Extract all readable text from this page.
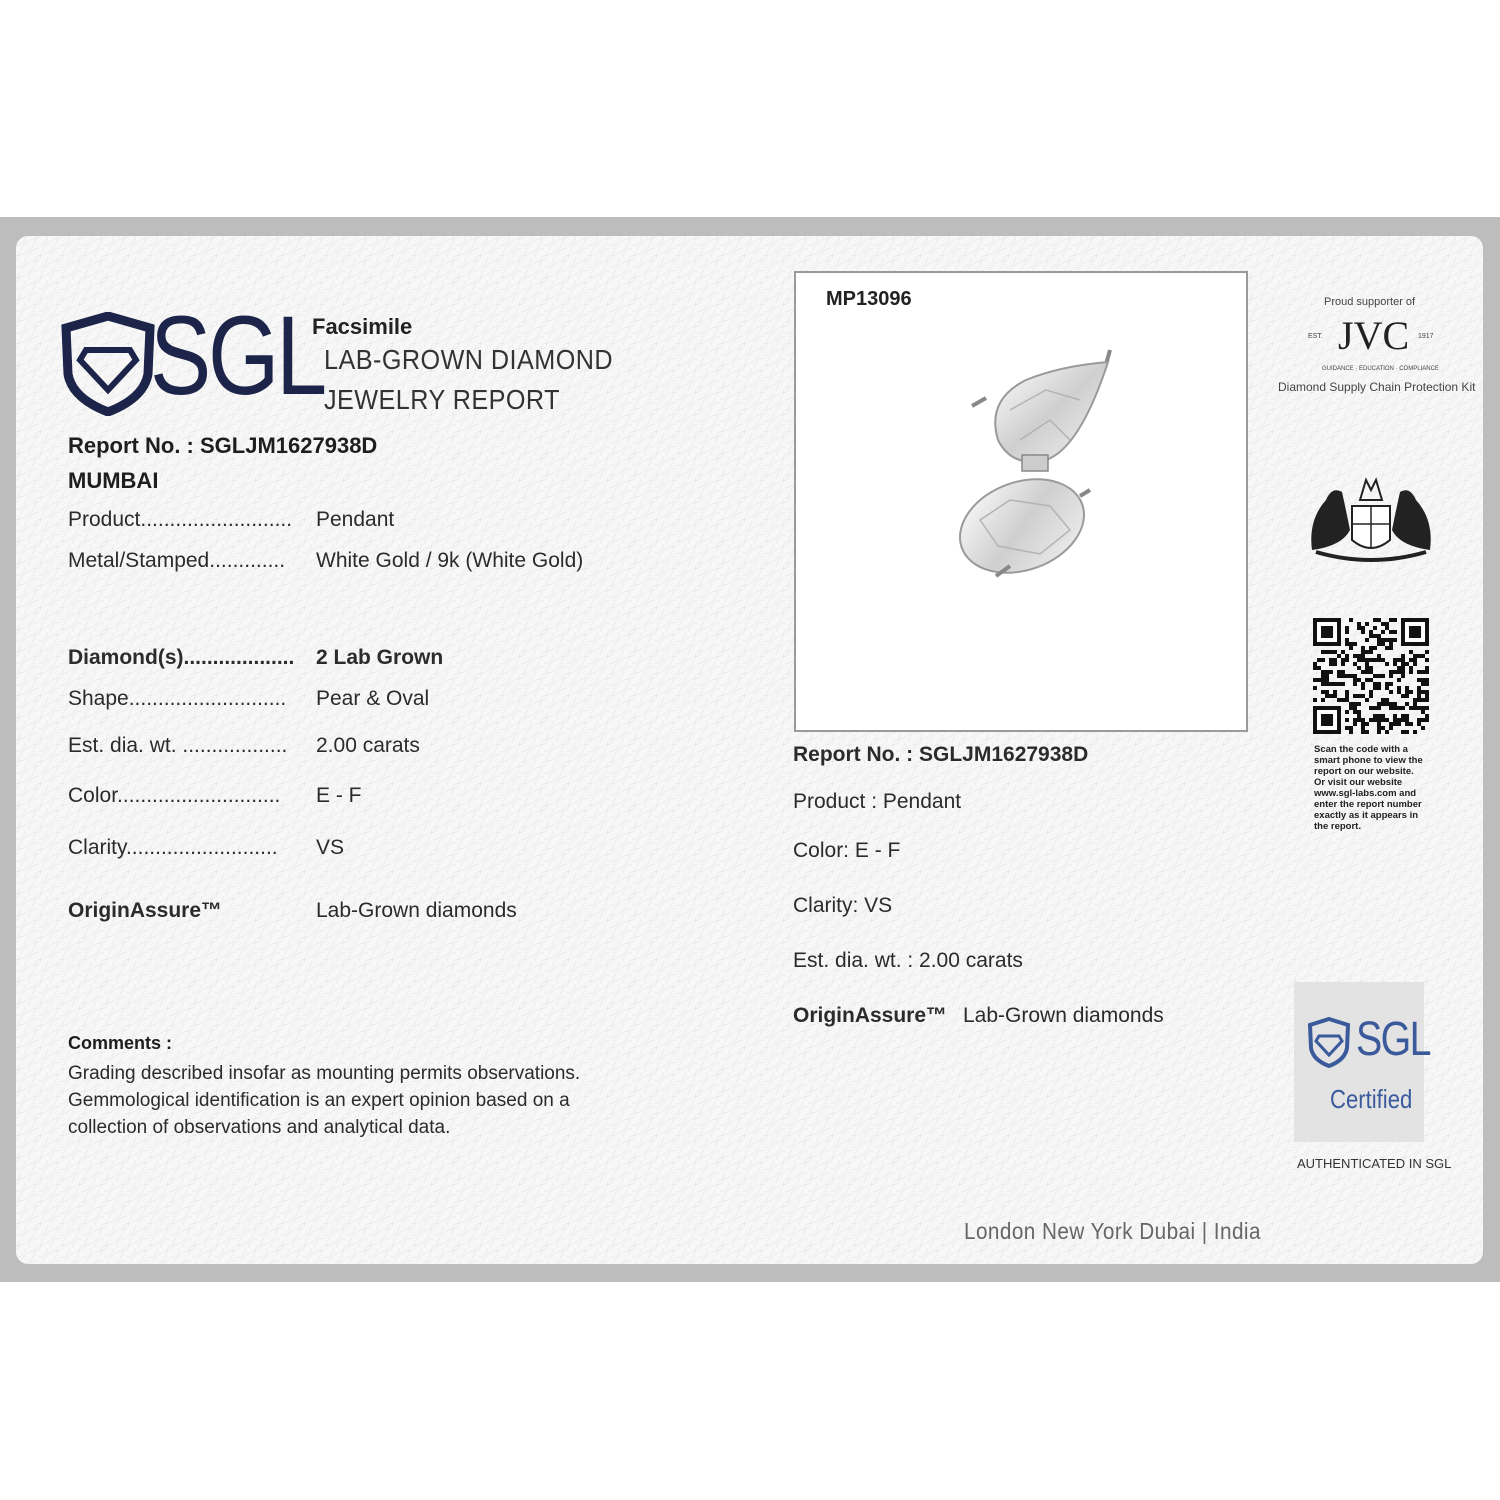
SGL
Facsimile
LAB-GROWN DIAMOND
JEWELRY REPORT
Report No. : SGLJM1627938D
MUMBAI
Product.......................... Pendant
Metal/Stamped............. White Gold / 9k (White Gold)
Diamond(s)................... 2 Lab Grown
Shape........................... Pear & Oval
Est. dia. wt. .................. 2.00 carats
Color............................ E - F
Clarity.......................... VS
OriginAssure™	Lab-Grown diamonds
Comments :
Grading described insofar as mounting permits observations.
Gemmological identification is an expert opinion based on a
collection of observations and analytical data.
MP13096
Report No. : SGLJM1627938D
Product : Pendant
Color: E - F
Clarity: VS
Est. dia. wt. : 2.00 carats
OriginAssure™ Lab-Grown diamonds
Proud supporter of
JVC
EST.	1917
GUIDANCE · EDUCATION · COMPLIANCE
Diamond Supply Chain Protection Kit
Scan the code with a smart phone to view the report on our website. Or visit our website www.sgl-labs.com and enter the report number exactly as it appears in the report.
SGL
Certified
AUTHENTICATED IN SGL
London New York Dubai | India
